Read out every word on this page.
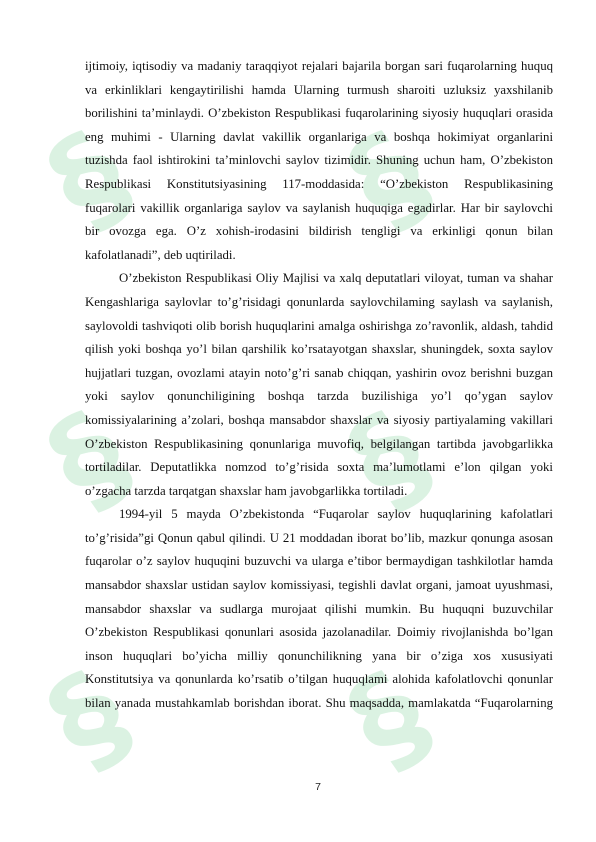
§ §
§ §
§ §

ijtimoiy, iqtisodiy va madaniy taraqqiyot rejalari bajarila borgan sari fuqarolarning huquq va erkinliklari kengaytirilishi hamda Ularning turmush sharoiti uzluksiz yaxshilanib borilishini ta’minlaydi. O’zbekiston Respublikasi fuqarolarining siyosiy huquqlari orasida eng muhimi - Ularning davlat vakillik organlariga va boshqa hokimiyat organlarini tuzishda faol ishtirokini ta’minlovchi saylov tizimidir. Shuning uchun ham, O’zbekiston Respublikasi Konstitutsiyasining 117-moddasida: “O’zbekiston Respublikasining fuqarolari vakillik organlariga saylov va saylanish huquqiga egadirlar. Har bir saylovchi bir ovozga ega. O’z xohish-irodasini bildirish tengligi va erkinligi qonun bilan kafolatlanadi”, deb uqtiriladi.

O’zbekiston Respublikasi Oliy Majlisi va xalq deputatlari viloyat, tuman va shahar Kengashlariga saylovlar to’g’risidagi qonunlarda saylovchilaming saylash va saylanish, saylovoldi tashviqoti olib borish huquqlarini amalga oshirishga zo’ravonlik, aldash, tahdid qilish yoki boshqa yo’l bilan qarshilik ko’rsatayotgan shaxslar, shuningdek, soxta saylov hujjatlari tuzgan, ovozlami atayin noto’g’ri sanab chiqqan, yashirin ovoz berishni buzgan yoki saylov qonunchiligining boshqa tarzda buzilishiga yo’l qo’ygan saylov komissiyalarining a’zolari, boshqa mansabdor shaxslar va siyosiy partiyalaming vakillari O’zbekiston Respublikasining qonunlariga muvofiq, belgilangan tartibda javobgarlikka tortiladilar. Deputatlikka nomzod to’g’risida soxta ma’lumotlami e’lon qilgan yoki o’zgacha tarzda tarqatgan shaxslar ham javobgarlikka tortiladi.

1994-yil 5 mayda O’zbekistonda “Fuqarolar saylov huquqlarining kafolatlari to’g’risida”gi Qonun qabul qilindi. U 21 moddadan iborat bo’lib, mazkur qonunga asosan fuqarolar o’z saylov huquqini buzuvchi va ularga e’tibor bermaydigan tashkilotlar hamda mansabdor shaxslar ustidan saylov komissiyasi, tegishli davlat organi, jamoat uyushmasi, mansabdor shaxslar va sudlarga murojaat qilishi mumkin. Bu huquqni buzuvchilar O’zbekiston Respublikasi qonunlari asosida jazolanadilar. Doimiy rivojlanishda bo’lgan inson huquqlari bo’yicha milliy qonunchilikning yana bir o’ziga xos xususiyati Konstitutsiya va qonunlarda ko’rsatib o’tilgan huquqlami alohida kafolatlovchi qonunlar bilan yanada mustahkamlab borishdan iborat. Shu maqsadda, mamlakatda “Fuqarolarning

7
